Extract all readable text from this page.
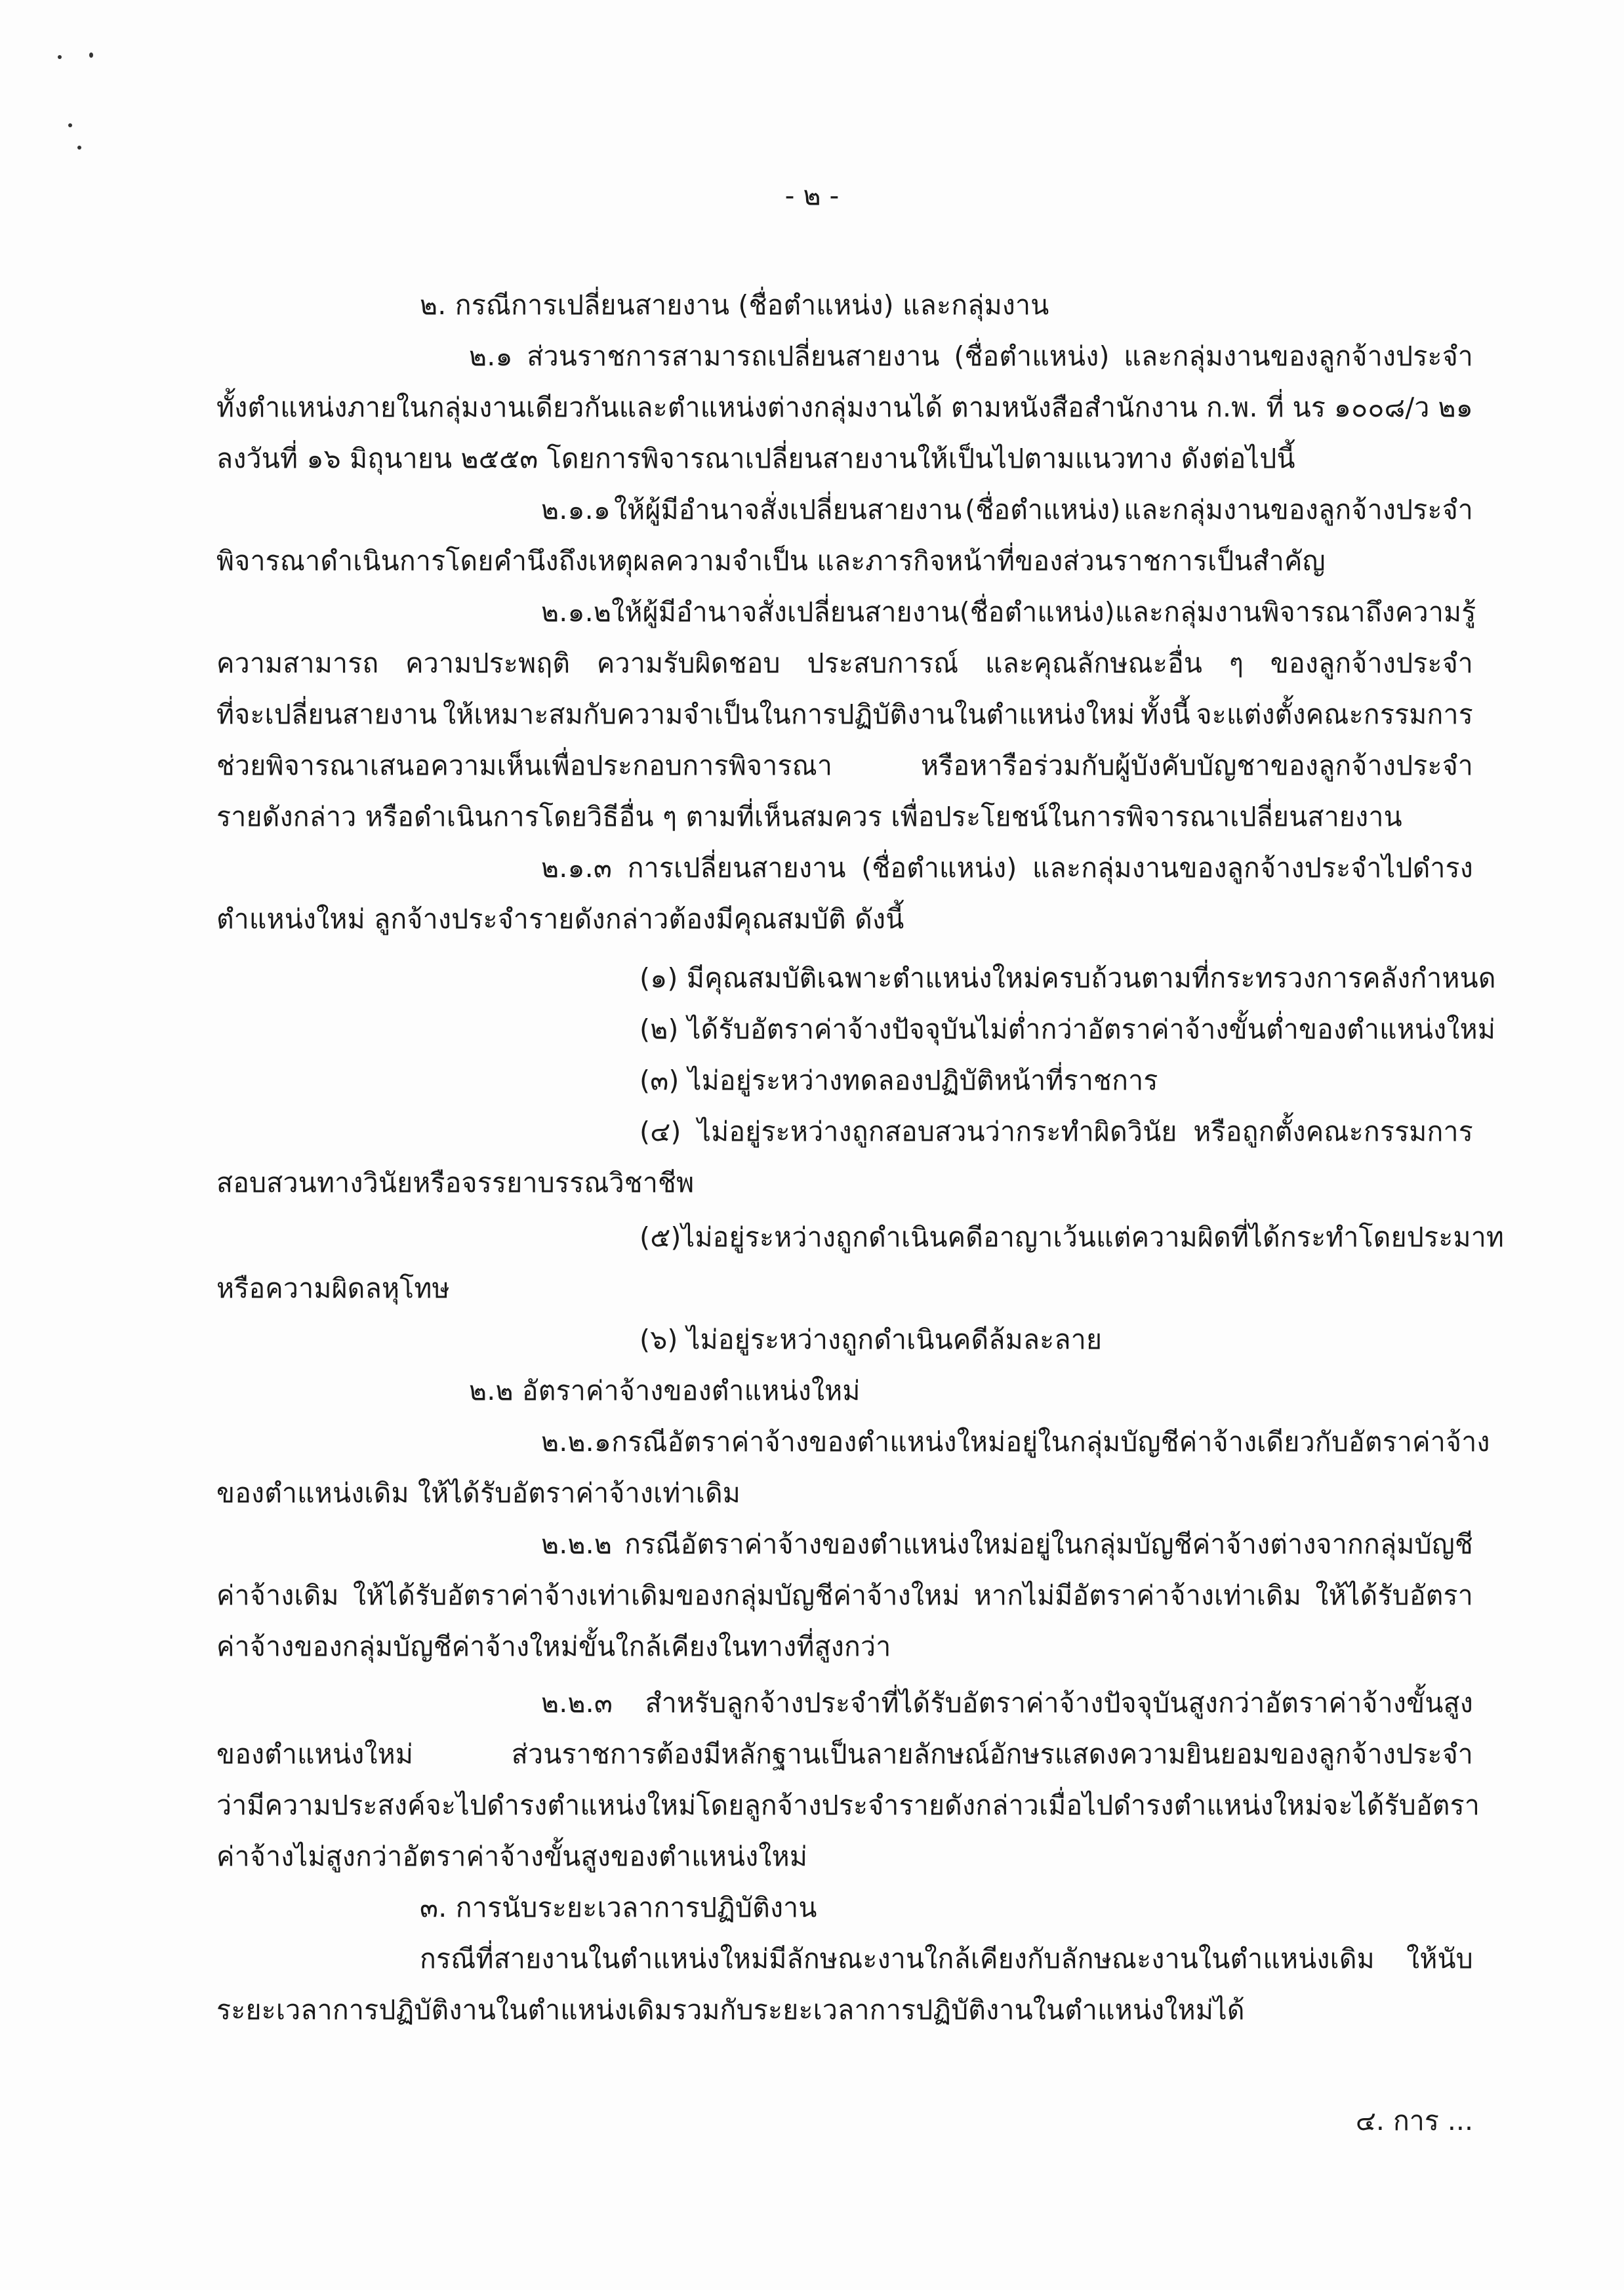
- ๒ -
๒. กรณีการเปลี่ยนสายงาน (ชื่อตำแหน่ง) และกลุ่มงาน
๒.๑ ส่วนราชการสามารถเปลี่ยนสายงาน (ชื่อตำแหน่ง) และกลุ่มงานของลูกจ้างประจำ
ทั้งตำแหน่งภายในกลุ่มงานเดียวกันและตำแหน่งต่างกลุ่มงานได้ ตามหนังสือสำนักงาน ก.พ. ที่ นร ๑๐๐๘/ว ๒๑
ลงวันที่ ๑๖ มิถุนายน ๒๕๕๓ โดยการพิจารณาเปลี่ยนสายงานให้เป็นไปตามแนวทาง ดังต่อไปนี้
๒.๑.๑ ให้ผู้มีอำนาจสั่งเปลี่ยนสายงาน (ชื่อตำแหน่ง) และกลุ่มงานของลูกจ้างประจำ
พิจารณาดำเนินการโดยคำนึงถึงเหตุผลความจำเป็น และภารกิจหน้าที่ของส่วนราชการเป็นสำคัญ
๒.๑.๒ ให้ผู้มีอำนาจสั่งเปลี่ยนสายงาน (ชื่อตำแหน่ง) และกลุ่มงาน พิจารณาถึงความรู้
ความสามารถ ความประพฤติ ความรับผิดชอบ ประสบการณ์ และคุณลักษณะอื่น ๆ ของลูกจ้างประจำ
ที่จะเปลี่ยนสายงาน ให้เหมาะสมกับความจำเป็นในการปฏิบัติงานในตำแหน่งใหม่ ทั้งนี้ จะแต่งตั้งคณะกรรมการ
ช่วยพิจารณาเสนอความเห็นเพื่อประกอบการพิจารณา	หรือหารือร่วมกับผู้บังคับบัญชาของลูกจ้างประจำ
รายดังกล่าว หรือดำเนินการโดยวิธีอื่น ๆ ตามที่เห็นสมควร เพื่อประโยชน์ในการพิจารณาเปลี่ยนสายงาน
๒.๑.๓ การเปลี่ยนสายงาน (ชื่อตำแหน่ง) และกลุ่มงานของลูกจ้างประจำไปดำรง
ตำแหน่งใหม่ ลูกจ้างประจำรายดังกล่าวต้องมีคุณสมบัติ ดังนี้
(๑) มีคุณสมบัติเฉพาะตำแหน่งใหม่ครบถ้วนตามที่กระทรวงการคลังกำหนด
(๒) ได้รับอัตราค่าจ้างปัจจุบันไม่ต่ำกว่าอัตราค่าจ้างขั้นต่ำของตำแหน่งใหม่
(๓) ไม่อยู่ระหว่างทดลองปฏิบัติหน้าที่ราชการ
(๔) ไม่อยู่ระหว่างถูกสอบสวนว่ากระทำผิดวินัย หรือถูกตั้งคณะกรรมการ
สอบสวนทางวินัยหรือจรรยาบรรณวิชาชีพ
(๕) ไม่อยู่ระหว่างถูกดำเนินคดีอาญา เว้นแต่ความผิดที่ได้กระทำโดยประมาท
หรือความผิดลหุโทษ
(๖) ไม่อยู่ระหว่างถูกดำเนินคดีล้มละลาย
๒.๒ อัตราค่าจ้างของตำแหน่งใหม่
๒.๒.๑ กรณีอัตราค่าจ้างของตำแหน่งใหม่อยู่ในกลุ่มบัญชีค่าจ้างเดียวกับอัตราค่าจ้าง
ของตำแหน่งเดิม ให้ได้รับอัตราค่าจ้างเท่าเดิม
๒.๒.๒ กรณีอัตราค่าจ้างของตำแหน่งใหม่อยู่ในกลุ่มบัญชีค่าจ้างต่างจากกลุ่มบัญชี
ค่าจ้างเดิม ให้ได้รับอัตราค่าจ้างเท่าเดิมของกลุ่มบัญชีค่าจ้างใหม่ หากไม่มีอัตราค่าจ้างเท่าเดิม ให้ได้รับอัตรา
ค่าจ้างของกลุ่มบัญชีค่าจ้างใหม่ขั้นใกล้เคียงในทางที่สูงกว่า
๒.๒.๓ สำหรับลูกจ้างประจำที่ได้รับอัตราค่าจ้างปัจจุบันสูงกว่าอัตราค่าจ้างขั้นสูง
ของตำแหน่งใหม่	ส่วนราชการต้องมีหลักฐานเป็นลายลักษณ์อักษรแสดงความยินยอมของลูกจ้างประจำ
ว่ามีความประสงค์จะไปดำรงตำแหน่งใหม่ โดยลูกจ้างประจำรายดังกล่าวเมื่อไปดำรงตำแหน่งใหม่จะได้รับอัตรา
ค่าจ้างไม่สูงกว่าอัตราค่าจ้างขั้นสูงของตำแหน่งใหม่
๓. การนับระยะเวลาการปฏิบัติงาน
กรณีที่สายงานในตำแหน่งใหม่มีลักษณะงานใกล้เคียงกับลักษณะงานในตำแหน่งเดิม ให้นับ
ระยะเวลาการปฏิบัติงานในตำแหน่งเดิมรวมกับระยะเวลาการปฏิบัติงานในตำแหน่งใหม่ได้
๔. การ ...
